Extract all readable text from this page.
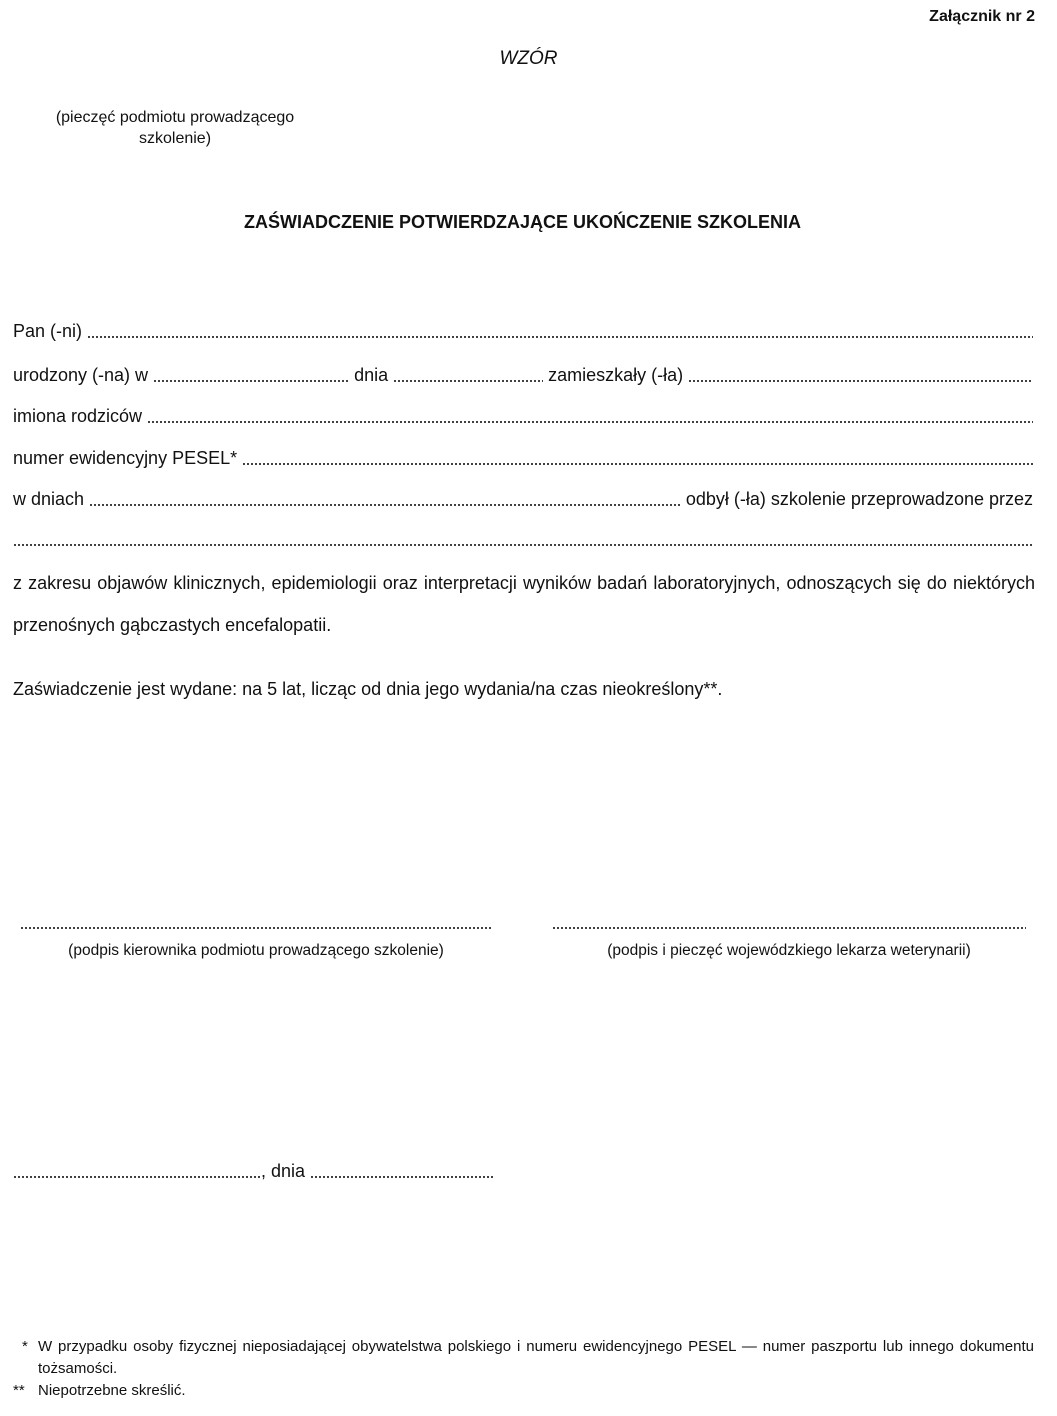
Załącznik nr 2
WZÓR
(pieczęć podmiotu prowadzącego szkolenie)
ZAŚWIADCZENIE POTWIERDZAJĄCE UKOŃCZENIE SZKOLENIA
Pan (-ni)
urodzony (-na) w	dnia	zamieszkały (-ła)
imiona rodziców
numer ewidencyjny PESEL*
w dniach	odbył (-ła) szkolenie przeprowadzone przez
z zakresu objawów klinicznych, epidemiologii oraz interpretacji wyników badań laboratoryjnych, odnoszących się do niektórych przenośnych gąbczastych encefalopatii.
Zaświadczenie jest wydane: na 5 lat, licząc od dnia jego wydania/na czas nieokreślony**.
(podpis kierownika podmiotu prowadzącego szkolenie)	(podpis i pieczęć wojewódzkiego lekarza weterynarii)
, dnia
* W przypadku osoby fizycznej nieposiadającej obywatelstwa polskiego i numeru ewidencyjnego PESEL — numer paszportu lub innego dokumentu tożsamości.
** Niepotrzebne skreślić.
